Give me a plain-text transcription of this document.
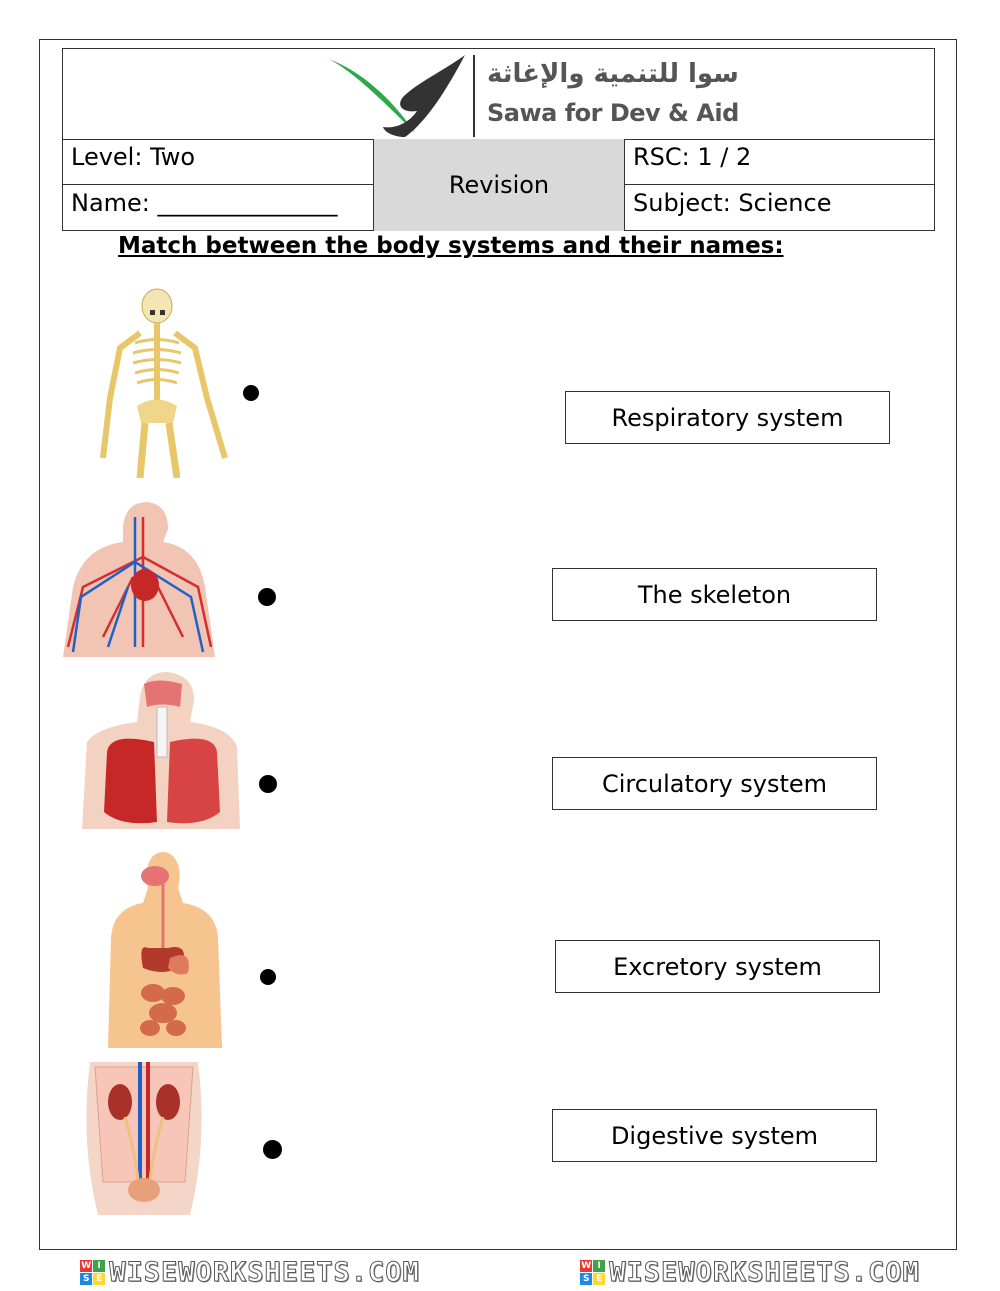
سوا للتنمية والإغاثة
Sawa for Dev & Aid
Level: Two
Name: _______________
Revision
RSC: 1 / 2
Subject: Science
Match between the body systems and their names:
Respiratory system
The skeleton
Circulatory system
Excretory system
Digestive system
W I
S E WISEWORKSHEETS.COM	W I
S E WISEWORKSHEETS.COM
